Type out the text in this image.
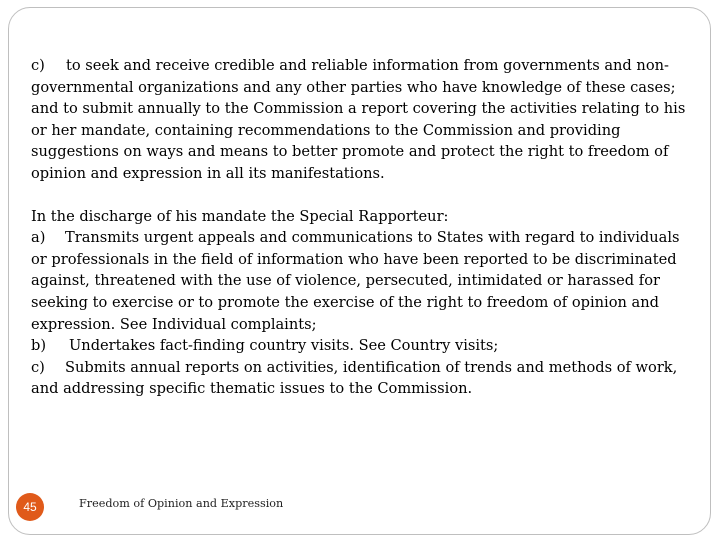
c) to seek and receive credible and reliable information from governments and non-governmental organizations and any other parties who have knowledge of these cases; and to submit annually to the Commission a report covering the activities relating to his or her mandate, containing recommendations to the Commission and providing suggestions on ways and means to better promote and protect the right to freedom of opinion and expression in all its manifestations.

In the discharge of his mandate the Special Rapporteur:

a) Transmits urgent appeals and communications to States with regard to individuals or professionals in the field of information who have been reported to be discriminated against, threatened with the use of violence, persecuted, intimidated or harassed for seeking to exercise or to promote the exercise of the right to freedom of opinion and expression. See Individual complaints;

b) Undertakes fact-finding country visits. See Country visits;

c) Submits annual reports on activities, identification of trends and methods of work, and addressing specific thematic issues to the Commission.

45	Freedom of Opinion and Expression
